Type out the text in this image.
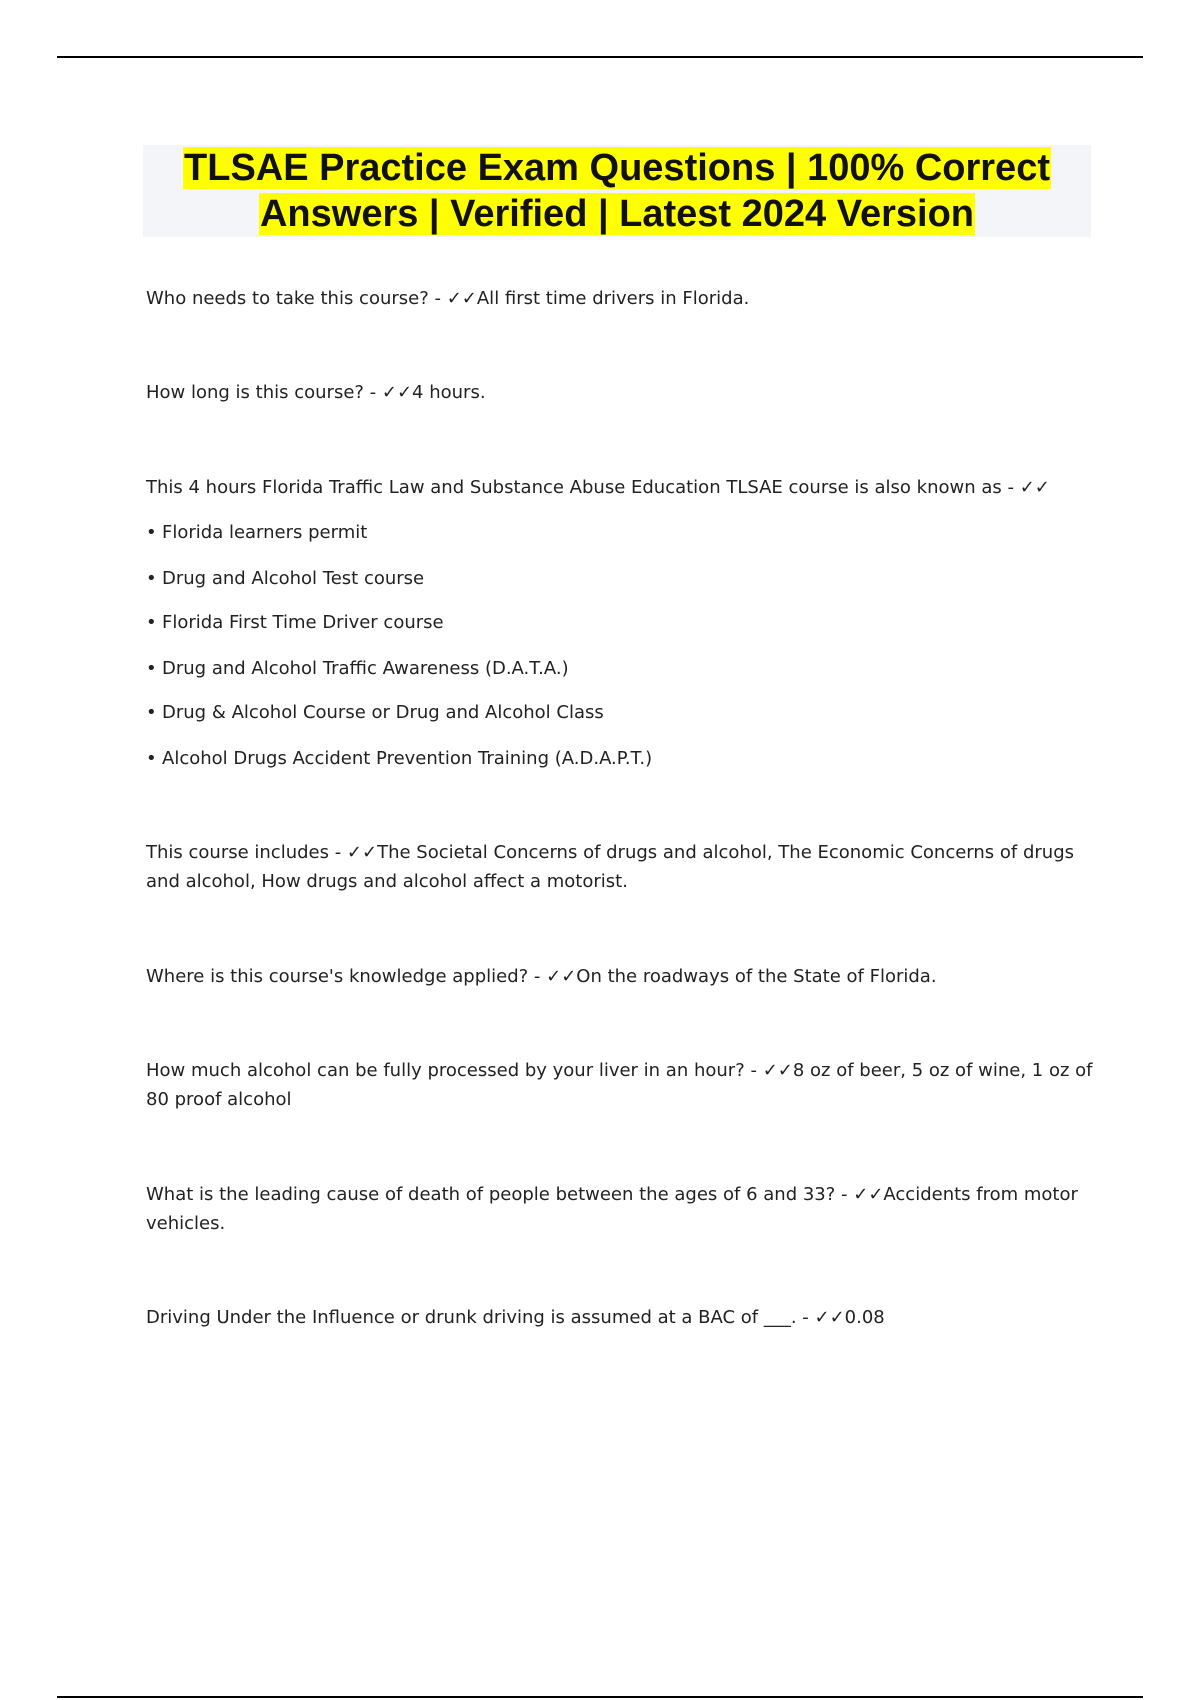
TLSAE Practice Exam Questions | 100% Correct
Answers | Verified | Latest 2024 Version

Who needs to take this course? - ✓✓All first time drivers in Florida.

How long is this course? - ✓✓4 hours.

This 4 hours Florida Traffic Law and Substance Abuse Education TLSAE course is also known as - ✓✓

• Florida learners permit
• Drug and Alcohol Test course
• Florida First Time Driver course
• Drug and Alcohol Traffic Awareness (D.A.T.A.)
• Drug & Alcohol Course or Drug and Alcohol Class
• Alcohol Drugs Accident Prevention Training (A.D.A.P.T.)

This course includes - ✓✓The Societal Concerns of drugs and alcohol, The Economic Concerns of drugs and alcohol, How drugs and alcohol affect a motorist.

Where is this course's knowledge applied? - ✓✓On the roadways of the State of Florida.

How much alcohol can be fully processed by your liver in an hour? - ✓✓8 oz of beer, 5 oz of wine, 1 oz of 80 proof alcohol

What is the leading cause of death of people between the ages of 6 and 33? - ✓✓Accidents from motor vehicles.

Driving Under the Influence or drunk driving is assumed at a BAC of ___. - ✓✓0.08
